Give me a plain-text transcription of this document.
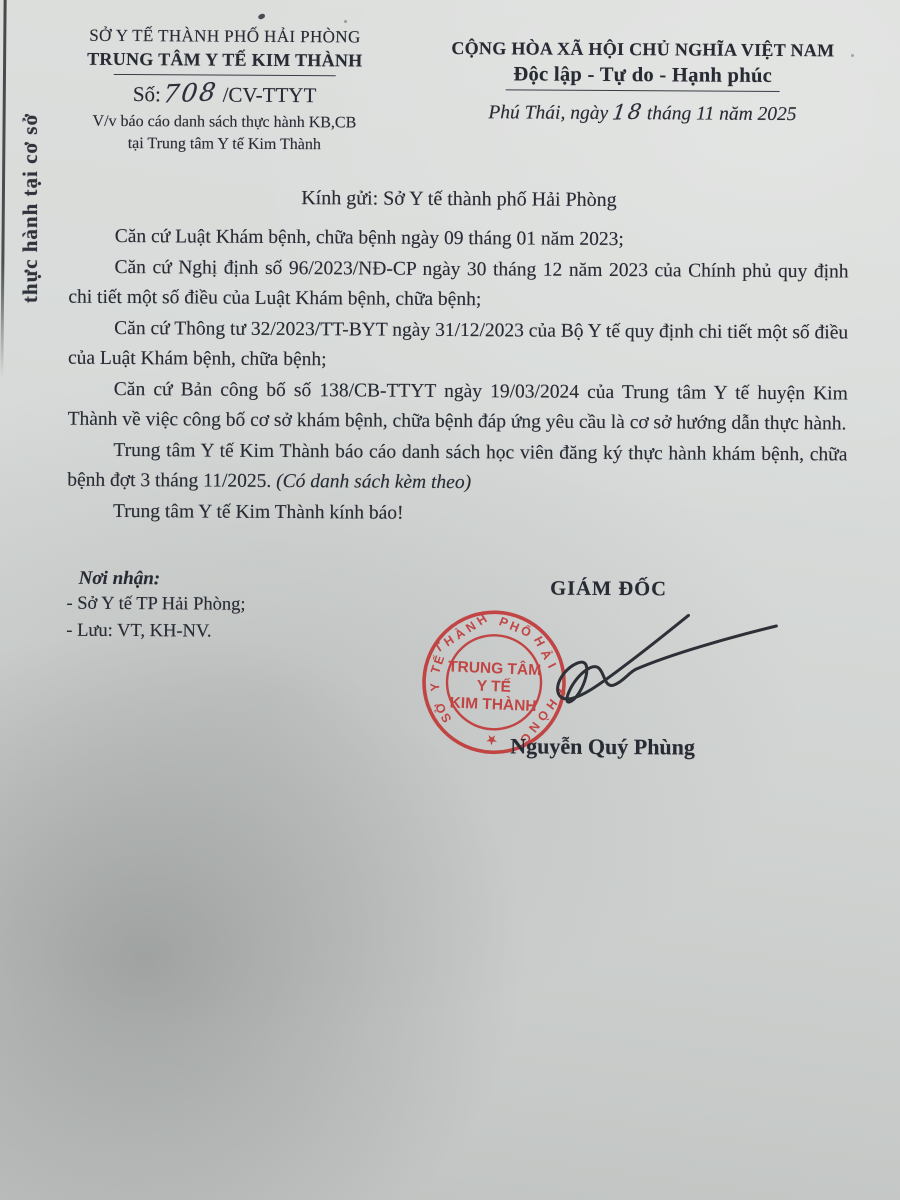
thực hành tại cơ sở
SỞ Y TẾ THÀNH PHỐ HẢI PHÒNG
TRUNG TÂM Y TẾ KIM THÀNH
Số:708 /CV-TTYT
V/v báo cáo danh sách thực hành KB,CB
tại Trung tâm Y tế Kim Thành
CỘNG HÒA XÃ HỘI CHỦ NGHĨA VIỆT NAM
Độc lập - Tự do - Hạnh phúc
Phú Thái, ngày 18 tháng 11 năm 2025
Kính gửi: Sở Y tế thành phố Hải Phòng

Căn cứ Luật Khám bệnh, chữa bệnh ngày 09 tháng 01 năm 2023;

Căn cứ Nghị định số 96/2023/NĐ-CP ngày 30 tháng 12 năm 2023 của Chính phủ quy định chi tiết một số điều của Luật Khám bệnh, chữa bệnh;

Căn cứ Thông tư 32/2023/TT-BYT ngày 31/12/2023 của Bộ Y tế quy định chi tiết một số điều của Luật Khám bệnh, chữa bệnh;

Căn cứ Bản công bố số 138/CB-TTYT ngày 19/03/2024 của Trung tâm Y tế huyện Kim Thành về việc công bố cơ sở khám bệnh, chữa bệnh đáp ứng yêu cầu là cơ sở hướng dẫn thực hành.

Trung tâm Y tế Kim Thành báo cáo danh sách học viên đăng ký thực hành khám bệnh, chữa bệnh đợt 3 tháng 11/2025. (Có danh sách kèm theo)

Trung tâm Y tế Kim Thành kính báo!

Nơi nhận:
- Sở Y tế TP Hải Phòng;
- Lưu: VT, KH-NV.
GIÁM ĐỐC
SỞ
Y
TẾ
THÀNH PHỐ
HẢI
PHÒNG
★
TRUNG TÂM
Y TẾ
KIM THÀNH
Nguyễn Quý Phùng
